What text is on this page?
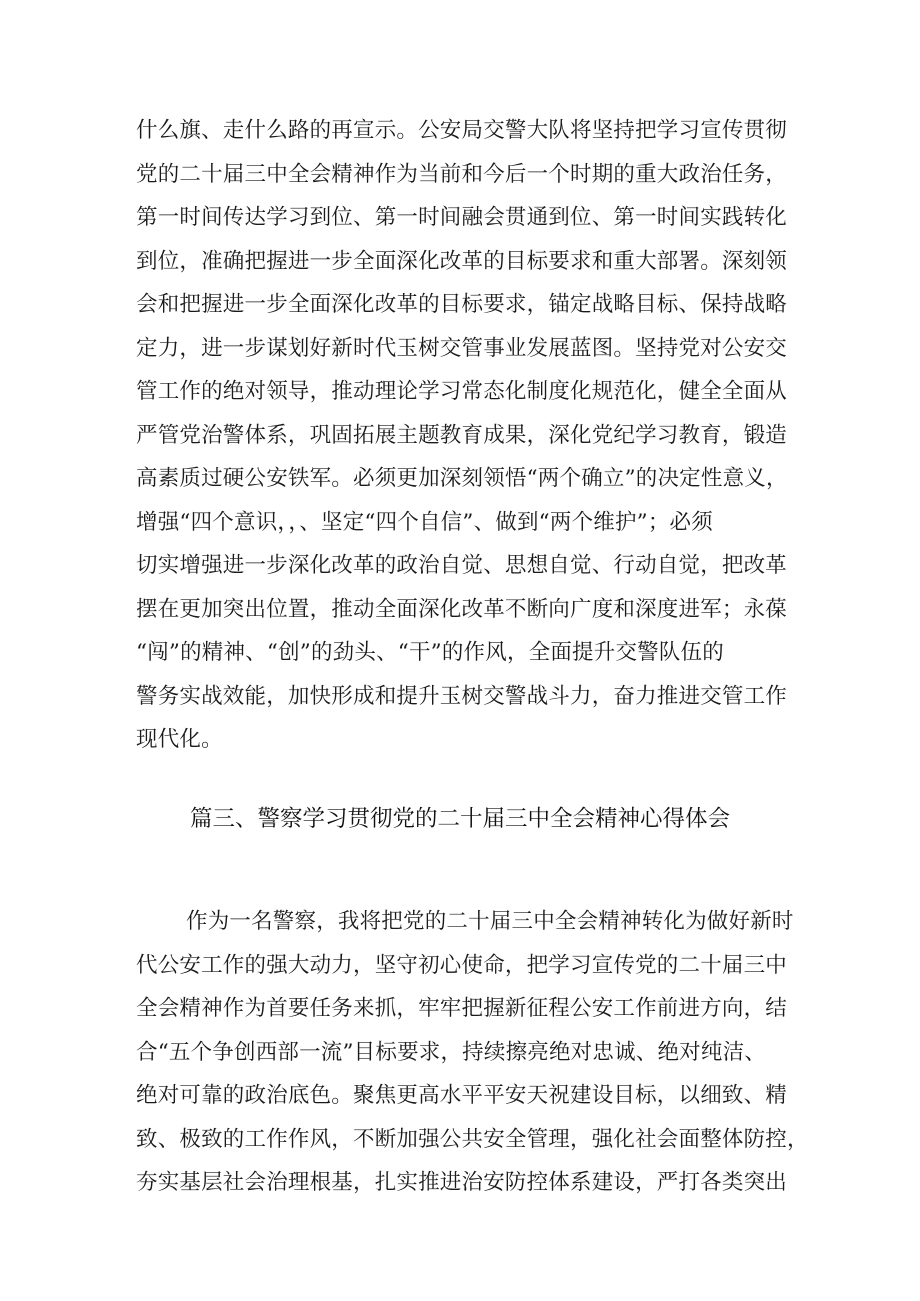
什么旗、走什么路的再宣示。公安局交警大队将坚持把学习宣传贯彻
党的二十届三中全会精神作为当前和今后一个时期的重大政治任务，
第一时间传达学习到位、第一时间融会贯通到位、第一时间实践转化
到位，准确把握进一步全面深化改革的目标要求和重大部署。深刻领
会和把握进一步全面深化改革的目标要求，锚定战略目标、保持战略
定力，进一步谋划好新时代玉树交管事业发展蓝图。坚持党对公安交
管工作的绝对领导，推动理论学习常态化制度化规范化，健全全面从
严管党治警体系，巩固拓展主题教育成果，深化党纪学习教育，锻造
高素质过硬公安铁军。必须更加深刻领悟“两个确立”的决定性意义，
增强“四个意识，，、坚定“四个自信”、做到“两个维护”；必须
切实增强进一步深化改革的政治自觉、思想自觉、行动自觉，把改革
摆在更加突出位置，推动全面深化改革不断向广度和深度进军；永葆
“闯”的精神、“创”的劲头、“干”的作风，全面提升交警队伍的
警务实战效能，加快形成和提升玉树交警战斗力，奋力推进交管工作
现代化。
篇三、警察学习贯彻党的二十届三中全会精神心得体会
作为一名警察，我将把党的二十届三中全会精神转化为做好新时
代公安工作的强大动力，坚守初心使命，把学习宣传党的二十届三中
全会精神作为首要任务来抓，牢牢把握新征程公安工作前进方向，结
合“五个争创西部一流”目标要求，持续擦亮绝对忠诚、绝对纯洁、
绝对可靠的政治底色。聚焦更高水平平安天祝建设目标，以细致、精
致、极致的工作作风，不断加强公共安全管理，强化社会面整体防控，
夯实基层社会治理根基，扎实推进治安防控体系建设，严打各类突出
